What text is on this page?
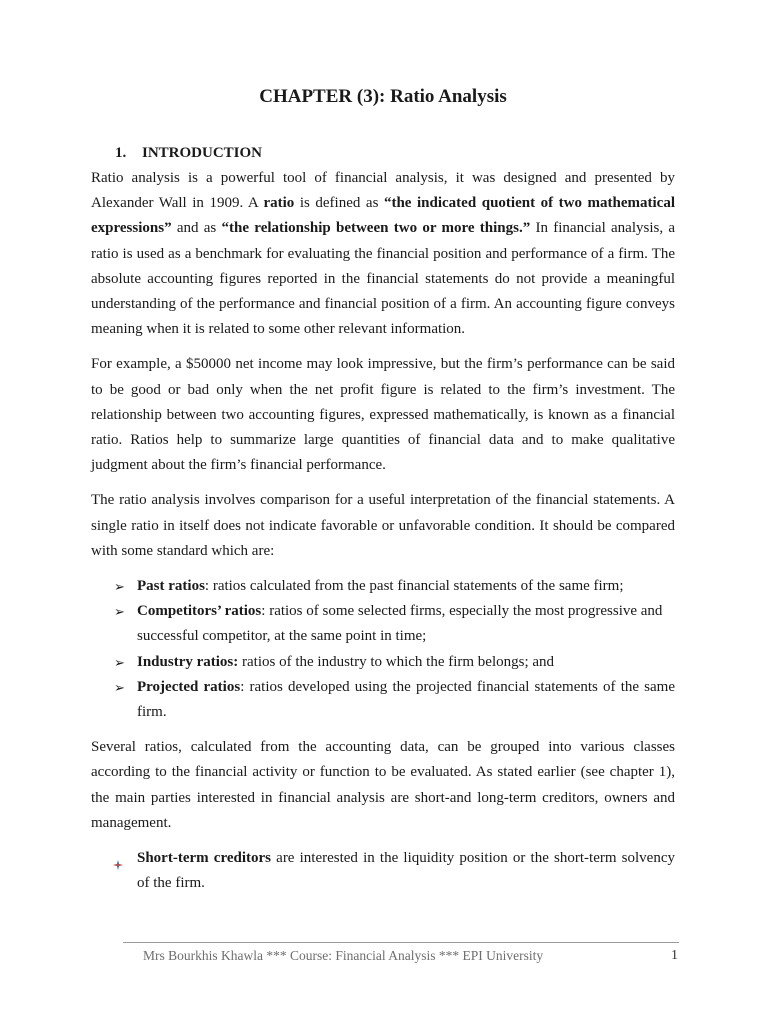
CHAPTER (3): Ratio Analysis
1. INTRODUCTION

Ratio analysis is a powerful tool of financial analysis, it was designed and presented by Alexander Wall in 1909. A ratio is defined as “the indicated quotient of two mathematical expressions” and as “the relationship between two or more things.” In financial analysis, a ratio is used as a benchmark for evaluating the financial position and performance of a firm. The absolute accounting figures reported in the financial statements do not provide a meaningful understanding of the performance and financial position of a firm. An accounting figure conveys meaning when it is related to some other relevant information.

For example, a $50000 net income may look impressive, but the firm’s performance can be said to be good or bad only when the net profit figure is related to the firm’s investment. The relationship between two accounting figures, expressed mathematically, is known as a financial ratio. Ratios help to summarize large quantities of financial data and to make qualitative judgment about the firm’s financial performance.

The ratio analysis involves comparison for a useful interpretation of the financial statements. A single ratio in itself does not indicate favorable or unfavorable condition. It should be compared with some standard which are:

➢ Past ratios: ratios calculated from the past financial statements of the same firm;
➢ Competitors’ ratios: ratios of some selected firms, especially the most progressive and
successful competitor, at the same point in time;
➢ Industry ratios: ratios of the industry to which the firm belongs; and
➢ Projected ratios: ratios developed using the projected financial statements of the same firm.

Several ratios, calculated from the accounting data, can be grouped into various classes according to the financial activity or function to be evaluated. As stated earlier (see chapter 1), the main parties interested in financial analysis are short-and long-term creditors, owners and management.

Short-term creditors are interested in the liquidity position or the short-term solvency of the firm.
Mrs Bourkhis Khawla *** Course: Financial Analysis *** EPI University	1
